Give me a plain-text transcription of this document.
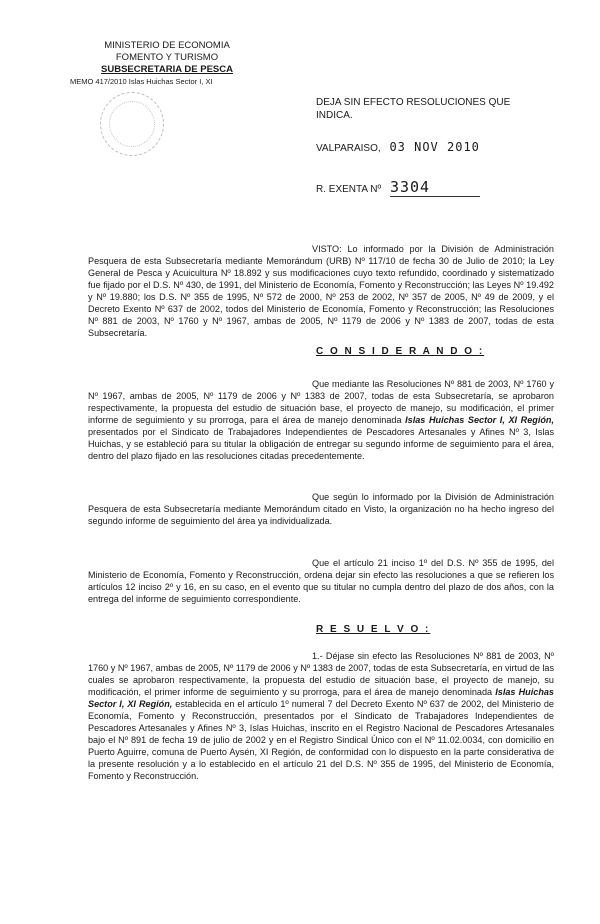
MINISTERIO DE ECONOMIA
FOMENTO Y TURISMO
SUBSECRETARIA DE PESCA
MEMO 417/2010 Islas Huichas Sector I, XI
DEJA SIN EFECTO RESOLUCIONES QUE INDICA.
VALPARAISO, 03 NOV 2010
R. EXENTA Nº 3304

VISTO: Lo informado por la División de Administración Pesquera de esta Subsecretaría mediante Memorándum (URB) Nº 117/10 de fecha 30 de Julio de 2010; la Ley General de Pesca y Acuicultura Nº 18.892 y sus modificaciones cuyo texto refundido, coordinado y sistematizado fue fijado por el D.S. Nº 430, de 1991, del Ministerio de Economía, Fomento y Reconstrucción; las Leyes Nº 19.492 y Nº 19.880; los D.S. Nº 355 de 1995, Nº 572 de 2000, Nº 253 de 2002, Nº 357 de 2005, Nº 49 de 2009, y el Decreto Exento Nº 637 de 2002, todos del Ministerio de Economía, Fomento y Reconstrucción; las Resoluciones Nº 881 de 2003, Nº 1760 y Nº 1967, ambas de 2005, Nº 1179 de 2006 y Nº 1383 de 2007, todas de esta Subsecretaría.

C O N S I D E R A N D O :

Que mediante las Resoluciones Nº 881 de 2003, Nº 1760 y Nº 1967, ambas de 2005, Nº 1179 de 2006 y Nº 1383 de 2007, todas de esta Subsecretaría, se aprobaron respectivamente, la propuesta del estudio de situación base, el proyecto de manejo, su modificación, el primer informe de seguimiento y su prorroga, para el área de manejo denominada Islas Huichas Sector I, XI Región, presentados por el Sindicato de Trabajadores Independientes de Pescadores Artesanales y Afines Nº 3, Islas Huichas, y se estableció para su titular la obligación de entregar su segundo informe de seguimiento para el área, dentro del plazo fijado en las resoluciones citadas precedentemente.

Que según lo informado por la División de Administración Pesquera de esta Subsecretaría mediante Memorándum citado en Visto, la organización no ha hecho ingreso del segundo informe de seguimiento del área ya individualizada.

Que el artículo 21 inciso 1º del D.S. Nº 355 de 1995, del Ministerio de Economía, Fomento y Reconstrucción, ordena dejar sin efecto las resoluciones a que se refieren los artículos 12 inciso 2º y 16, en su caso, en el evento que su titular no cumpla dentro del plazo de dos años, con la entrega del informe de seguimiento correspondiente.

R E S U E L V O :

1.- Déjase sin efecto las Resoluciones Nº 881 de 2003, Nº 1760 y Nº 1967, ambas de 2005, Nº 1179 de 2006 y Nº 1383 de 2007, todas de esta Subsecretaría, en virtud de las cuales se aprobaron respectivamente, la propuesta del estudio de situación base, el proyecto de manejo, su modificación, el primer informe de seguimiento y su prorroga, para el área de manejo denominada Islas Huichas Sector I, XI Región, establecida en el artículo 1º numeral 7 del Decreto Exento Nº 637 de 2002, del Ministerio de Economía, Fomento y Reconstrucción, presentados por el Sindicato de Trabajadores Independientes de Pescadores Artesanales y Afines Nº 3, Islas Huichas, inscrito en el Registro Nacional de Pescadores Artesanales bajo el Nº 891 de fecha 19 de julio de 2002 y en el Registro Sindical Único con el Nº 11.02.0034, con domicilio en Puerto Aguirre, comuna de Puerto Aysén, XI Región, de conformidad con lo dispuesto en la parte considerativa de la presente resolución y a lo establecido en el artículo 21 del D.S. Nº 355 de 1995, del Ministerio de Economía, Fomento y Reconstrucción.
